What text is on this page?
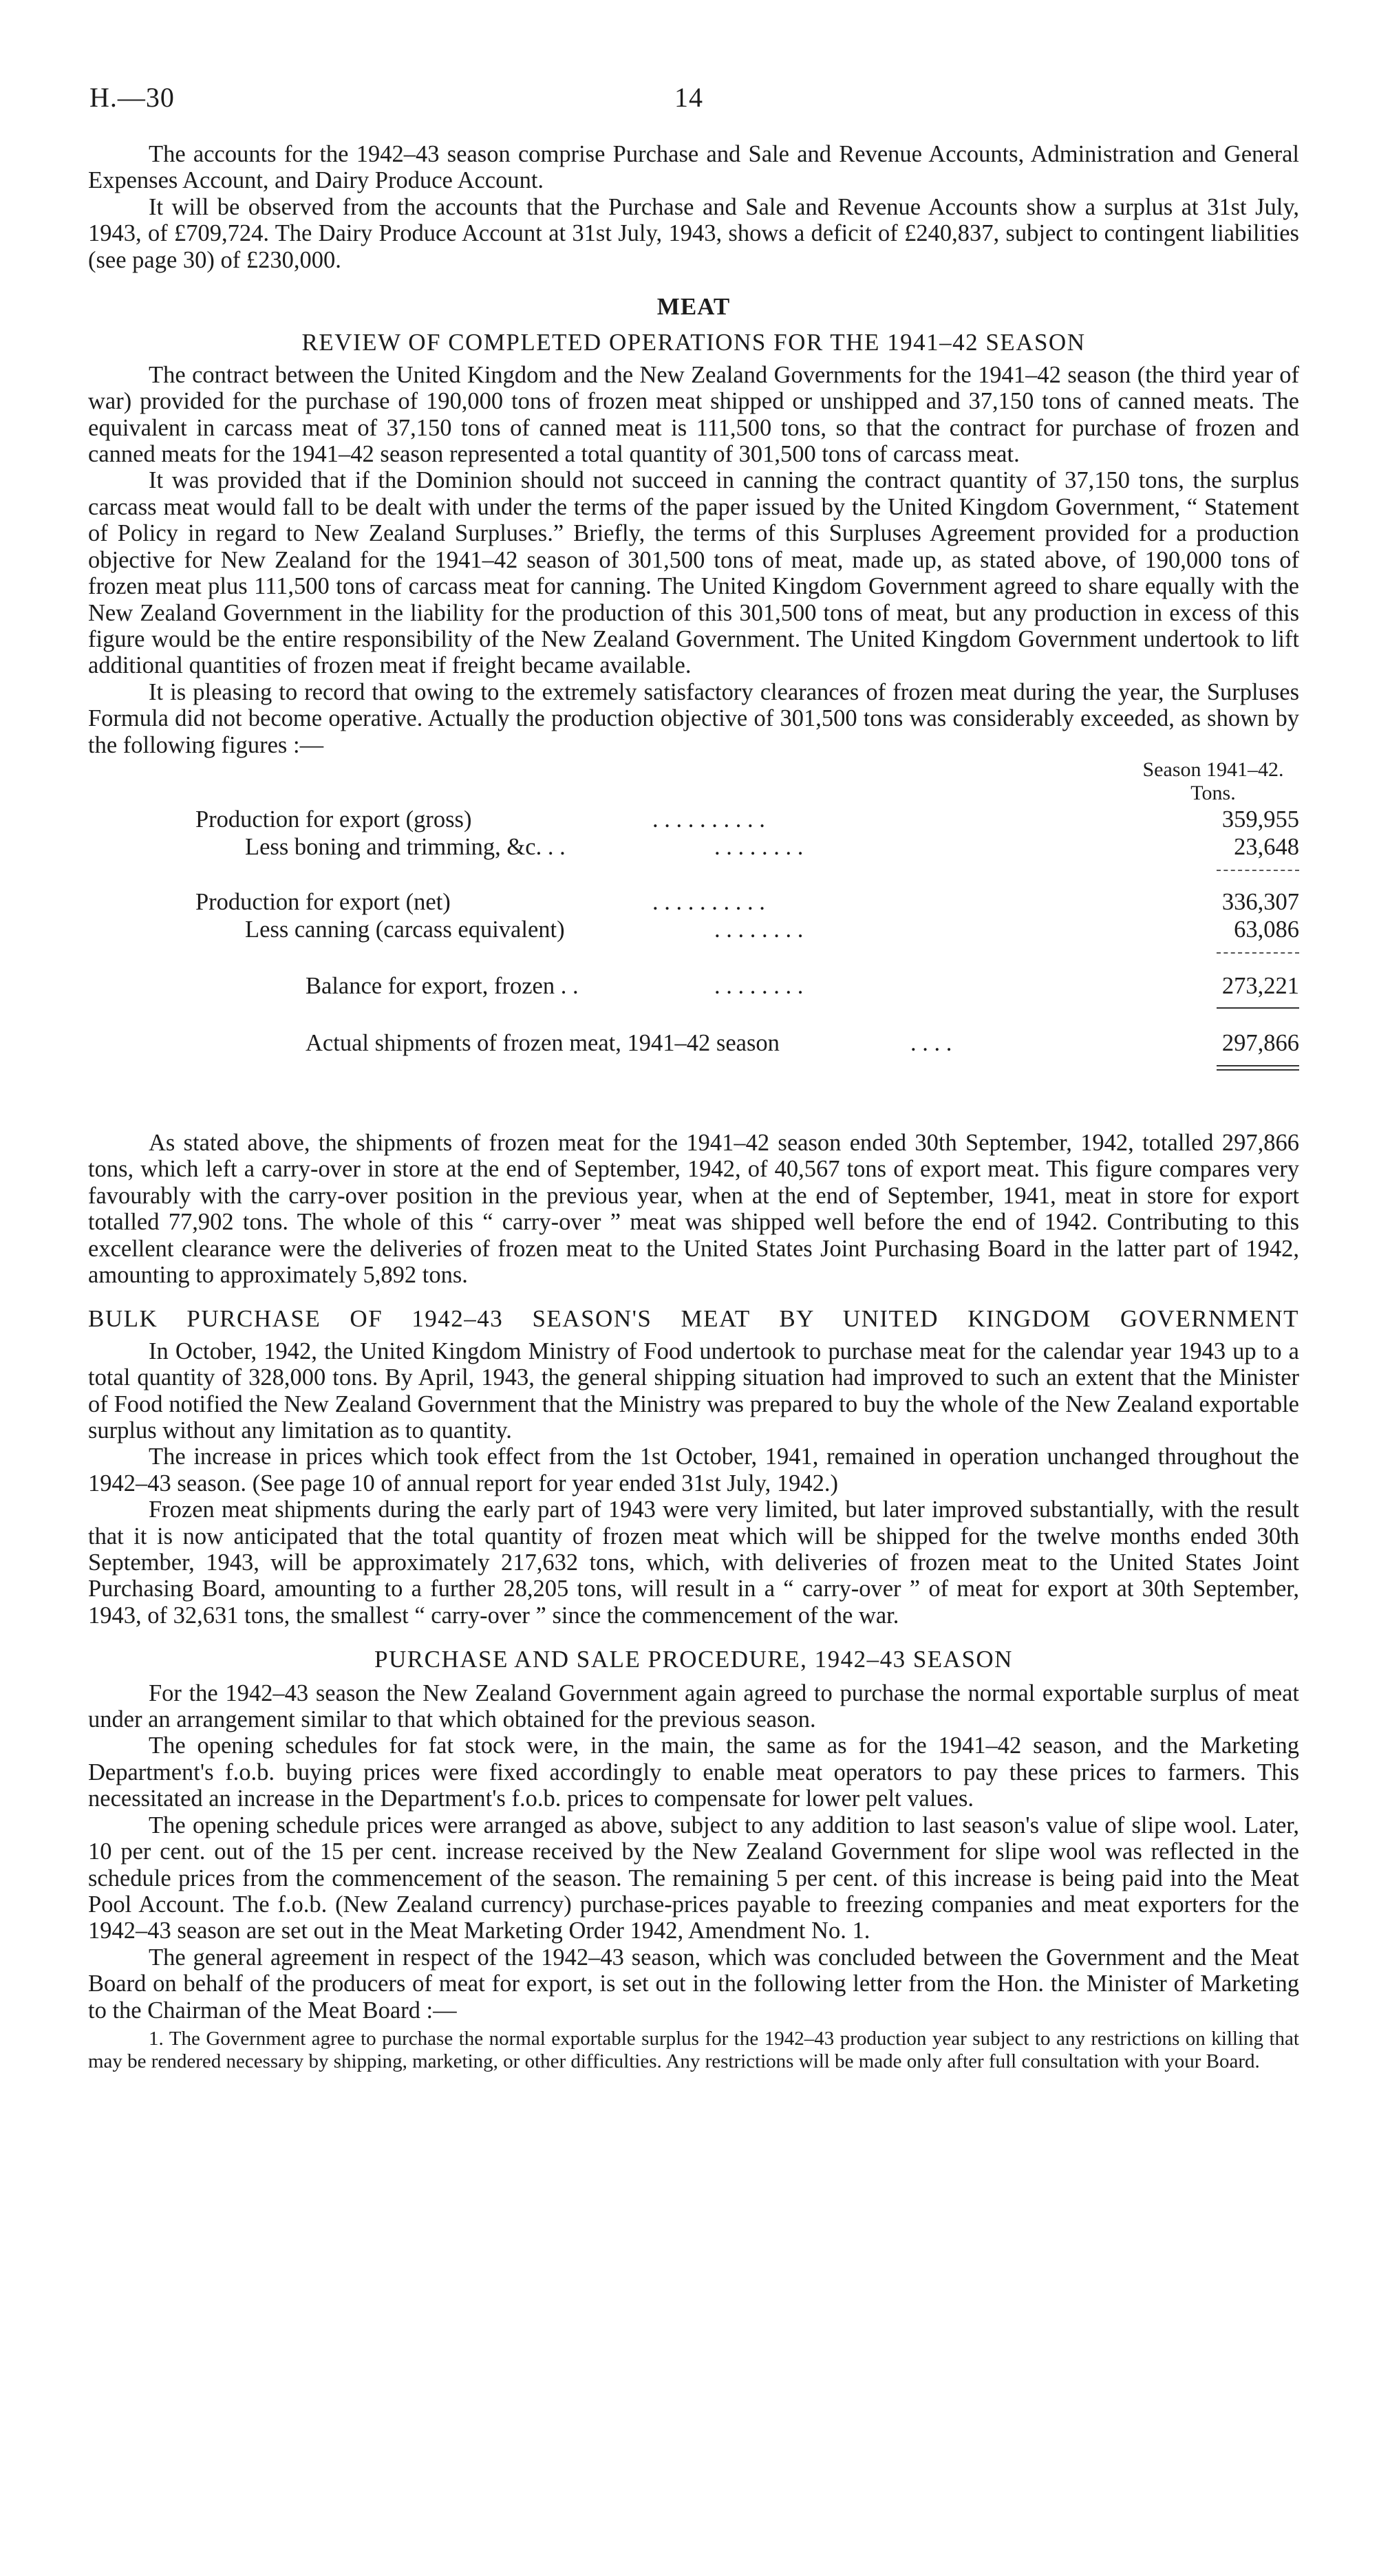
H.—30	14

The accounts for the 1942–43 season comprise Purchase and Sale and Revenue Accounts, Administration and General Expenses Account, and Dairy Produce Account.

It will be observed from the accounts that the Purchase and Sale and Revenue Accounts show a surplus at 31st July, 1943, of £709,724. The Dairy Produce Account at 31st July, 1943, shows a deficit of £240,837, subject to contingent liabilities (see page 30) of £230,000.

MEAT
REVIEW OF COMPLETED OPERATIONS FOR THE 1941–42 SEASON

The contract between the United Kingdom and the New Zealand Governments for the 1941–42 season (the third year of war) provided for the purchase of 190,000 tons of frozen meat shipped or unshipped and 37,150 tons of canned meats. The equivalent in carcass meat of 37,150 tons of canned meat is 111,500 tons, so that the contract for purchase of frozen and canned meats for the 1941–42 season represented a total quantity of 301,500 tons of carcass meat.

It was provided that if the Dominion should not succeed in canning the contract quantity of 37,150 tons, the surplus carcass meat would fall to be dealt with under the terms of the paper issued by the United Kingdom Government, “ Statement of Policy in regard to New Zealand Surpluses.” Briefly, the terms of this Surpluses Agreement provided for a production objective for New Zealand for the 1941–42 season of 301,500 tons of meat, made up, as stated above, of 190,000 tons of frozen meat plus 111,500 tons of carcass meat for canning. The United Kingdom Government agreed to share equally with the New Zealand Government in the liability for the production of this 301,500 tons of meat, but any production in excess of this figure would be the entire responsibility of the New Zealand Government. The United Kingdom Government undertook to lift additional quantities of frozen meat if freight became available.

It is pleasing to record that owing to the extremely satisfactory clearances of frozen meat during the year, the Surpluses Formula did not become operative. Actually the production objective of 301,500 tons was considerably exceeded, as shown by the following figures :—

Season 1941–42.
Tons.
Production for export (gross)	. . . . . . . . . .	359,955
Less boning and trimming, &c. . .	. . . . . . . .	23,648
Production for export (net)	. . . . . . . . . .	336,307
Less canning (carcass equivalent)	. . . . . . . .	63,086
Balance for export, frozen . .	. . . . . . . .	273,221
Actual shipments of frozen meat, 1941–42 season	. . . .	297,866

As stated above, the shipments of frozen meat for the 1941–42 season ended 30th September, 1942, totalled 297,866 tons, which left a carry-over in store at the end of September, 1942, of 40,567 tons of export meat. This figure compares very favourably with the carry-over position in the previous year, when at the end of September, 1941, meat in store for export totalled 77,902 tons. The whole of this “ carry-over ” meat was shipped well before the end of 1942. Contributing to this excellent clearance were the deliveries of frozen meat to the United States Joint Purchasing Board in the latter part of 1942, amounting to approximately 5,892 tons.

BULK PURCHASE OF 1942–43 SEASON'S MEAT BY UNITED KINGDOM GOVERNMENT

In October, 1942, the United Kingdom Ministry of Food undertook to purchase meat for the calendar year 1943 up to a total quantity of 328,000 tons. By April, 1943, the general shipping situation had improved to such an extent that the Minister of Food notified the New Zealand Government that the Ministry was prepared to buy the whole of the New Zealand exportable surplus without any limitation as to quantity.

The increase in prices which took effect from the 1st October, 1941, remained in operation unchanged throughout the 1942–43 season. (See page 10 of annual report for year ended 31st July, 1942.)

Frozen meat shipments during the early part of 1943 were very limited, but later improved substantially, with the result that it is now anticipated that the total quantity of frozen meat which will be shipped for the twelve months ended 30th September, 1943, will be approximately 217,632 tons, which, with deliveries of frozen meat to the United States Joint Purchasing Board, amounting to a further 28,205 tons, will result in a “ carry-over ” of meat for export at 30th September, 1943, of 32,631 tons, the smallest “ carry-over ” since the commencement of the war.

PURCHASE AND SALE PROCEDURE, 1942–43 SEASON

For the 1942–43 season the New Zealand Government again agreed to purchase the normal exportable surplus of meat under an arrangement similar to that which obtained for the previous season.

The opening schedules for fat stock were, in the main, the same as for the 1941–42 season, and the Marketing Department's f.o.b. buying prices were fixed accordingly to enable meat operators to pay these prices to farmers. This necessitated an increase in the Department's f.o.b. prices to compensate for lower pelt values.

The opening schedule prices were arranged as above, subject to any addition to last season's value of slipe wool. Later, 10 per cent. out of the 15 per cent. increase received by the New Zealand Government for slipe wool was reflected in the schedule prices from the commencement of the season. The remaining 5 per cent. of this increase is being paid into the Meat Pool Account. The f.o.b. (New Zealand currency) purchase-prices payable to freezing companies and meat exporters for the 1942–43 season are set out in the Meat Marketing Order 1942, Amendment No. 1.

The general agreement in respect of the 1942–43 season, which was concluded between the Government and the Meat Board on behalf of the producers of meat for export, is set out in the following letter from the Hon. the Minister of Marketing to the Chairman of the Meat Board :—

1. The Government agree to purchase the normal exportable surplus for the 1942–43 production year subject to any restrictions on killing that may be rendered necessary by shipping, marketing, or other difficulties. Any restrictions will be made only after full consultation with your Board.
